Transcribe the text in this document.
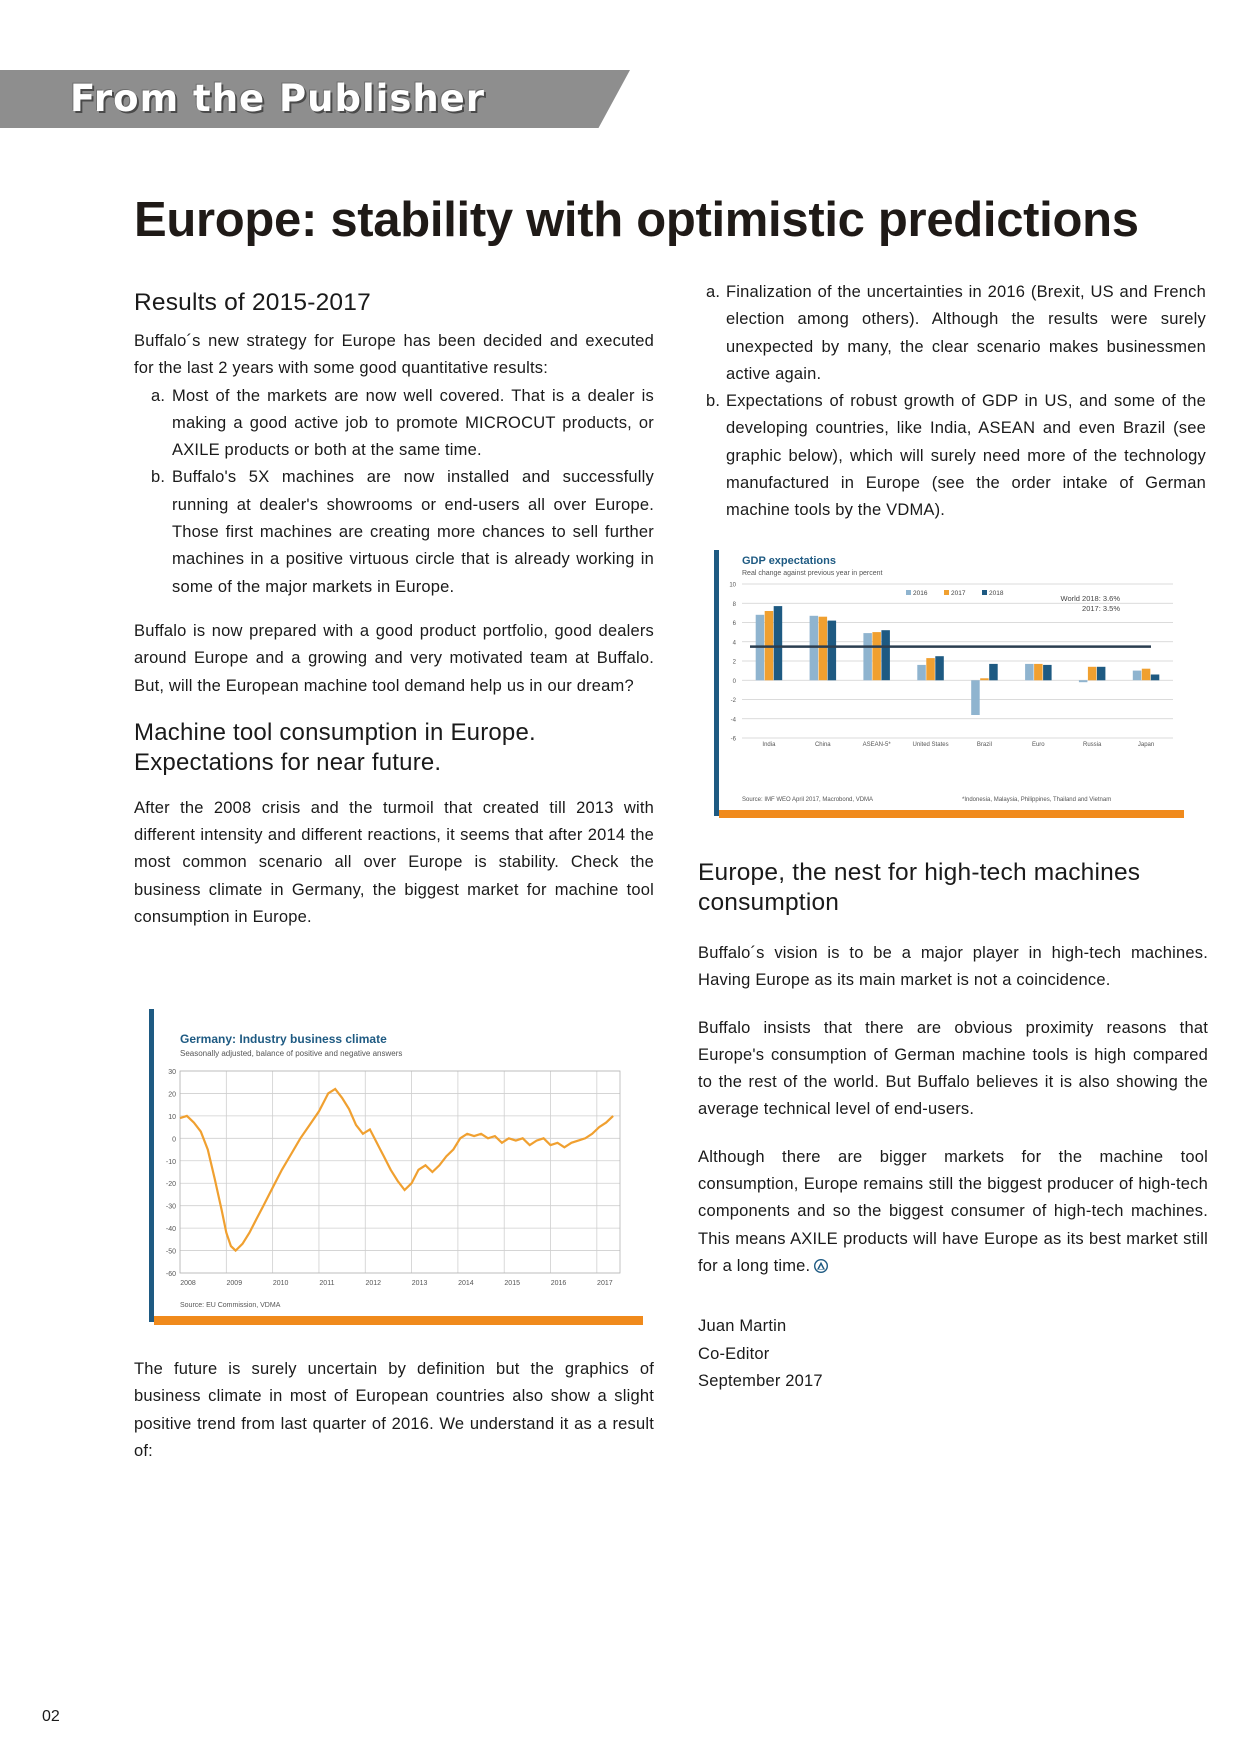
From the Publisher
Europe: stability with optimistic predictions
Results of 2015-2017

Buffalo´s new strategy for Europe has been decided and executed for the last 2 years with some good quantitative results:

a. Most of the markets are now well covered. That is a dealer is making a good active job to promote MICROCUT products, or AXILE products or both at the same time.
b. Buffalo's 5X machines are now installed and successfully running at dealer's showrooms or end-users all over Europe. Those first machines are creating more chances to sell further machines in a positive virtuous circle that is already working in some of the major markets in Europe.

Buffalo is now prepared with a good product portfolio, good dealers around Europe and a growing and very motivated team at Buffalo. But, will the European machine tool demand help us in our dream?

Machine tool consumption in Europe.
Expectations for near future.

After the 2008 crisis and the turmoil that created till 2013 with different intensity and different reactions, it seems that after 2014 the most common scenario all over Europe is stability. Check the business climate in Germany, the biggest market for machine tool consumption in Europe.

Germany: Industry business climate
Seasonally adjusted, balance of positive and negative answers
Source: EU Commission, VDMA
30
20
10
0
-10
-20
-30
-40
-50
-60
2008	2009	2010	2011	2012	2013	2014	2015	2016	2017

The future is surely uncertain by definition but the graphics of business climate in most of European countries also show a slight positive trend from last quarter of 2016. We understand it as a result of:

a. Finalization of the uncertainties in 2016 (Brexit, US and French election among others). Although the results were surely unexpected by many, the clear scenario makes businessmen active again.
b. Expectations of robust growth of GDP in US, and some of the developing countries, like India, ASEAN and even Brazil (see graphic below), which will surely need more of the technology manufactured in Europe (see the order intake of German machine tools by the VDMA).
GDP expectations
Real change against previous year in percent
Source: IMF WEO April 2017, Macrobond, VDMA	*Indonesia, Malaysia, Philippines, Thailand and Vietnam
2016	2017	2018
10
8
6
4
2
0
-2
-4
-6
India	China	ASEAN-5*	United States	Brazil	Euro	Russia	Japan
World 2018: 3.6%
2017: 3.5%
Europe, the nest for high-tech machines
consumption

Buffalo´s vision is to be a major player in high-tech machines. Having Europe as its main market is not a coincidence.

Buffalo insists that there are obvious proximity reasons that Europe's consumption of German machine tools is high compared to the rest of the world. But Buffalo believes it is also showing the average technical level of end-users.

Although there are bigger markets for the machine tool consumption, Europe remains still the biggest producer of high-tech components and so the biggest consumer of high-tech machines. This means AXILE products will have Europe as its best market still for a long time.

Juan Martin
Co-Editor
September 2017
02
